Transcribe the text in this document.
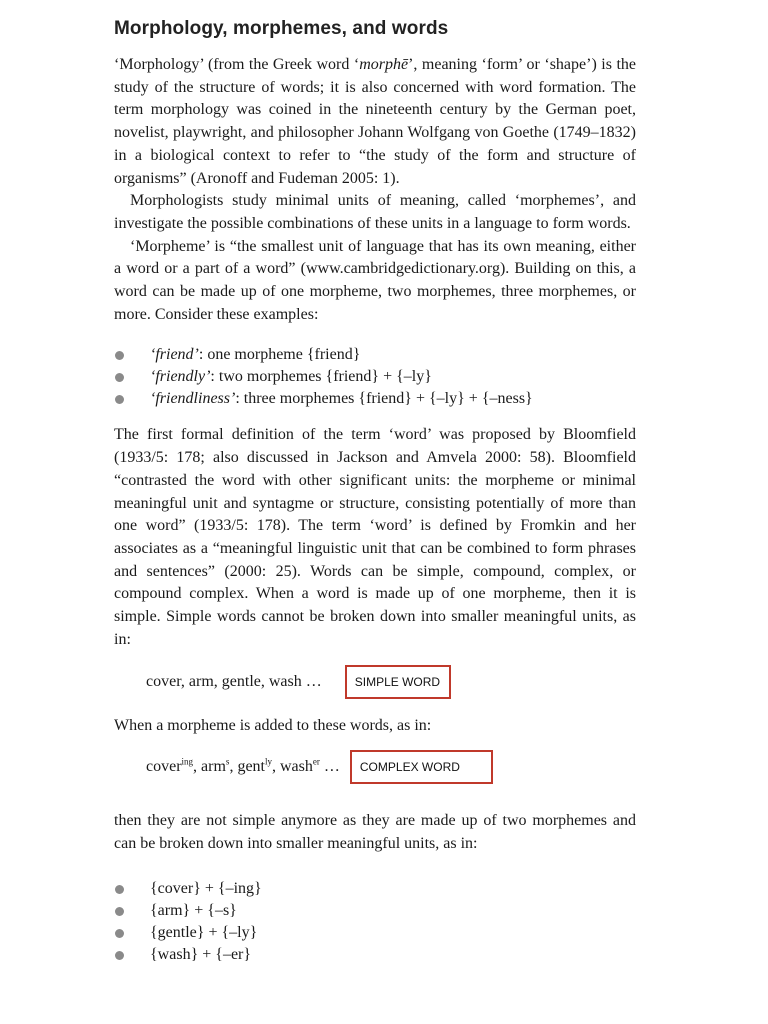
Morphology, morphemes, and words

‘Morphology’ (from the Greek word ‘morphē’, meaning ‘form’ or ‘shape’) is the study of the structure of words; it is also concerned with word formation. The term morphology was coined in the nineteenth century by the German poet, novelist, playwright, and philosopher Johann Wolfgang von Goethe (1749–1832) in a biological context to refer to “the study of the form and structure of organisms” (Aronoff and Fudeman 2005: 1).

Morphologists study minimal units of meaning, called ‘morphemes’, and investigate the possible combinations of these units in a language to form words.

‘Morpheme’ is “the smallest unit of language that has its own meaning, either a word or a part of a word” (www.cambridgedictionary.org). Building on this, a word can be made up of one morpheme, two morphemes, three morphemes, or more. Consider these examples:

‘friend’: one morpheme {friend}
‘friendly’: two morphemes {friend} + {–ly}
‘friendliness’: three morphemes {friend} + {–ly} + {–ness}

The first formal definition of the term ‘word’ was proposed by Bloomfield (1933/5: 178; also discussed in Jackson and Amvela 2000: 58). Bloomfield “contrasted the word with other significant units: the morpheme or minimal meaningful unit and syntagme or structure, consisting potentially of more than one word” (1933/5: 178). The term ‘word’ is defined by Fromkin and her associates as a “meaningful linguistic unit that can be combined to form phrases and sentences” (2000: 25). Words can be simple, compound, complex, or compound complex. When a word is made up of one morpheme, then it is simple. Simple words cannot be broken down into smaller meaningful units, as in:

cover, arm, gentle, wash …	SIMPLE WORD

When a morpheme is added to these words, as in:

cover$^{ing}$, arm$^s$, gent$^{ly}$, wash$^{er}$ …	COMPLEX WORD

then they are not simple anymore as they are made up of two morphemes and can be broken down into smaller meaningful units, as in:

{cover} + {–ing}
{arm} + {–s}
{gentle} + {–ly}
{wash} + {–er}
